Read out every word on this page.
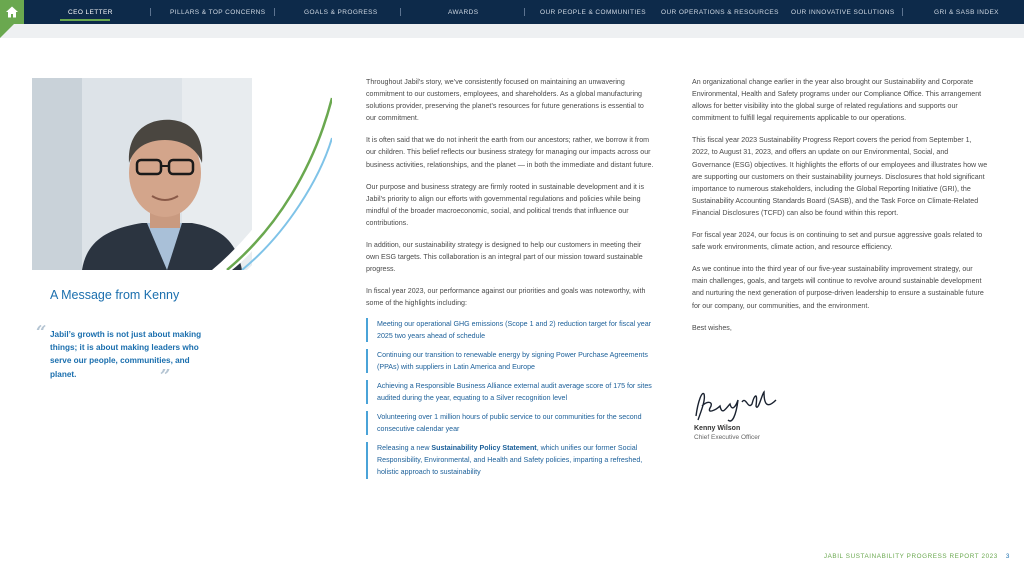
CEO LETTER	PILLARS & TOP CONCERNS	GOALS & PROGRESS	AWARDS	OUR PEOPLE & COMMUNITIES OUR OPERATIONS & RESOURCES OUR INNOVATIVE SOLUTIONS	GRI & SASB INDEX
A Message from Kenny
“ Jabil’s growth is not just about making things; it is about making leaders who serve our people, communities, and planet.	”

Throughout Jabil’s story, we’ve consistently focused on maintaining an unwavering commitment to our customers, employees, and shareholders. As a global manufacturing solutions provider, preserving the planet’s resources for future generations is essential to our commitment.

It is often said that we do not inherit the earth from our ancestors; rather, we borrow it from our children. This belief reflects our business strategy for managing our impacts across our business activities, relationships, and the planet — in both the immediate and distant future.

Our purpose and business strategy are firmly rooted in sustainable development and it is Jabil’s priority to align our efforts with governmental regulations and policies while being mindful of the broader macroeconomic, social, and political trends that influence our contributions.

In addition, our sustainability strategy is designed to help our customers in meeting their own ESG targets. This collaboration is an integral part of our mission toward sustainable progress.

In fiscal year 2023, our performance against our priorities and goals was noteworthy, with some of the highlights including:

Meeting our operational GHG emissions (Scope 1 and 2) reduction target for fiscal year 2025 two years ahead of schedule
Continuing our transition to renewable energy by signing Power Purchase Agreements (PPAs) with suppliers in Latin America and Europe
Achieving a Responsible Business Alliance external audit average score of 175 for sites audited during the year, equating to a Silver recognition level
Volunteering over 1 million hours of public service to our communities for the second consecutive calendar year
Releasing a new Sustainability Policy Statement, which unifies our former Social Responsibility, Environmental, and Health and Safety policies, imparting a refreshed, holistic approach to sustainability

An organizational change earlier in the year also brought our Sustainability and Corporate Environmental, Health and Safety programs under our Compliance Office. This arrangement allows for better visibility into the global surge of related regulations and supports our commitment to fulfill legal requirements applicable to our operations.

This fiscal year 2023 Sustainability Progress Report covers the period from September 1, 2022, to August 31, 2023, and offers an update on our Environmental, Social, and Governance (ESG) objectives. It highlights the efforts of our employees and illustrates how we are supporting our customers on their sustainability journeys. Disclosures that hold significant importance to numerous stakeholders, including the Global Reporting Initiative (GRI), the Sustainability Accounting Standards Board (SASB), and the Task Force on Climate-Related Financial Disclosures (TCFD) can also be found within this report.

For fiscal year 2024, our focus is on continuing to set and pursue aggressive goals related to safe work environments, climate action, and resource efficiency.

As we continue into the third year of our five-year sustainability improvement strategy, our main challenges, goals, and targets will continue to revolve around sustainable development and nurturing the next generation of purpose-driven leadership to ensure a sustainable future for our company, our communities, and the environment.

Best wishes,

Kenny Wilson
Chief Executive Officer
JABIL SUSTAINABILITY PROGRESS REPORT 2023 3
